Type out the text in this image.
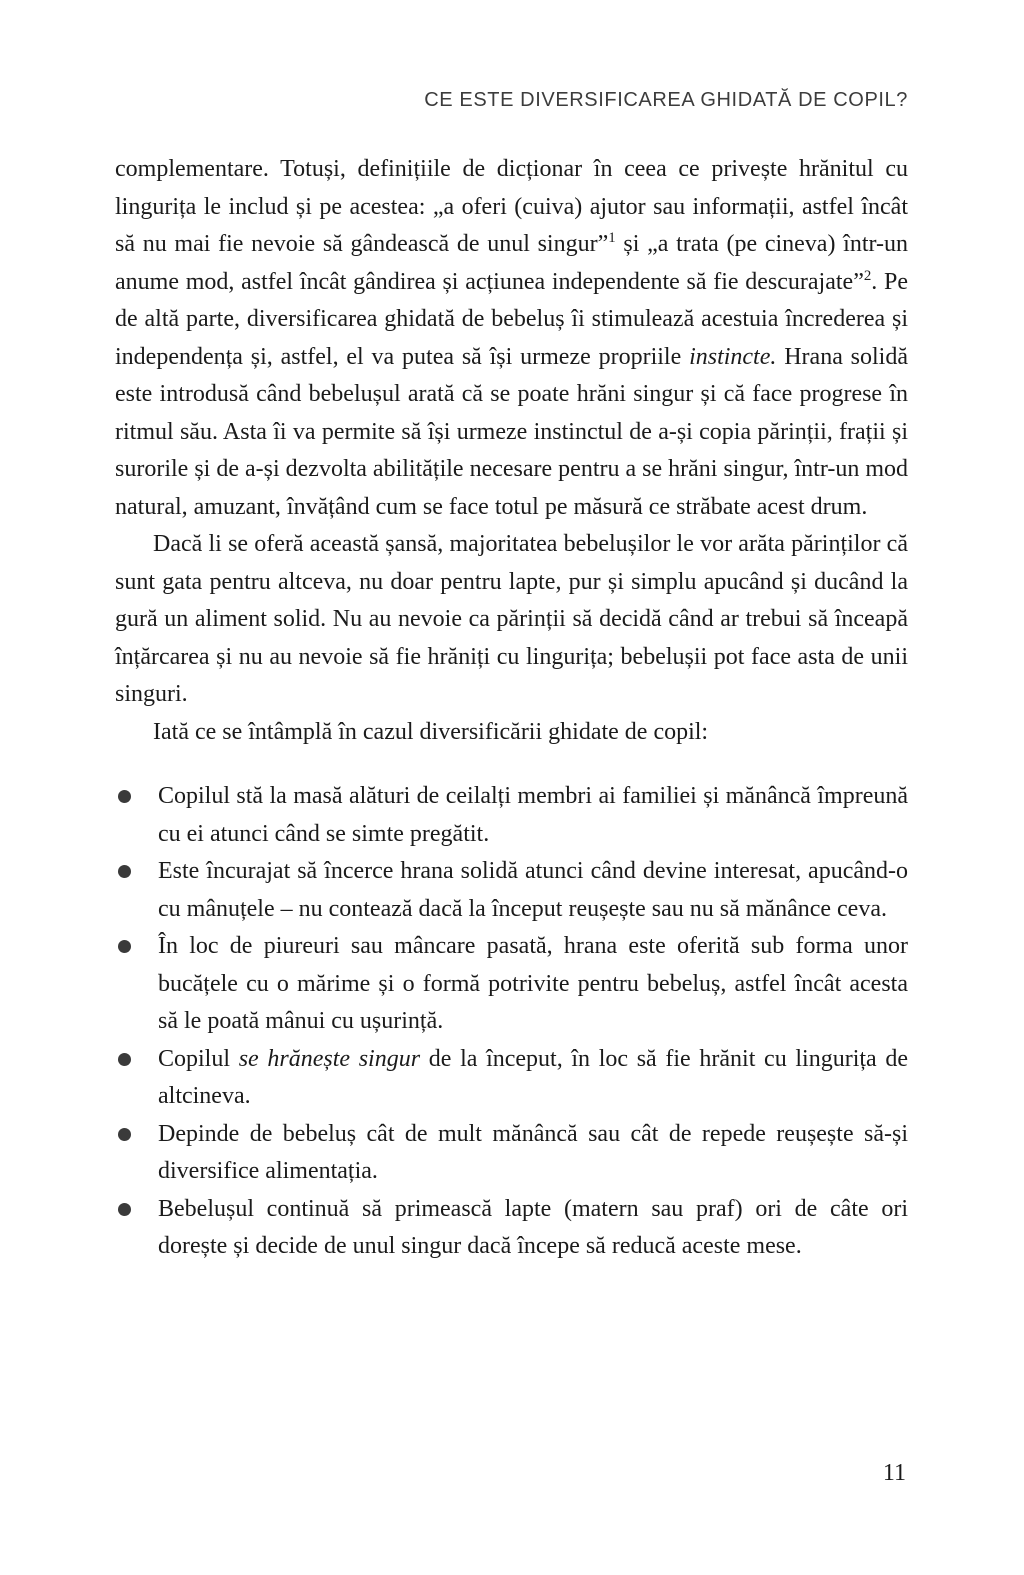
CE ESTE DIVERSIFICAREA GHIDATĂ DE COPIL?

complementare. Totuși, definițiile de dicționar în ceea ce privește hrănitul cu lingurița le includ și pe acestea: „a oferi (cuiva) ajutor sau informații, astfel încât să nu mai fie nevoie să gândească de unul singur”$^1$ și „a trata (pe cineva) într-un anume mod, astfel încât gândirea și acțiunea independente să fie descurajate”$^2$. Pe de altă parte, diversificarea ghidată de bebeluș îi stimulează acestuia încrederea și independența și, astfel, el va putea să își urmeze propriile instincte. Hrana solidă este introdusă când bebelușul arată că se poate hrăni singur și că face progrese în ritmul său. Asta îi va permite să își urmeze instinctul de a-și copia părinții, frații și surorile și de a-și dezvolta abilitățile necesare pentru a se hrăni singur, într-un mod natural, amuzant, învățând cum se face totul pe măsură ce străbate acest drum.

Dacă li se oferă această șansă, majoritatea bebelușilor le vor arăta părinților că sunt gata pentru altceva, nu doar pentru lapte, pur și simplu apucând și ducând la gură un aliment solid. Nu au nevoie ca părinții să decidă când ar trebui să înceapă înțărcarea și nu au nevoie să fie hrăniți cu lingurița; bebelușii pot face asta de unii singuri.

Iată ce se întâmplă în cazul diversificării ghidate de copil:

Copilul stă la masă alături de ceilalți membri ai familiei și mănâncă împreună cu ei atunci când se simte pregătit.
Este încurajat să încerce hrana solidă atunci când devine interesat, apucând-o cu mânuțele – nu contează dacă la început reușește sau nu să mănânce ceva.
În loc de piureuri sau mâncare pasată, hrana este oferită sub forma unor bucățele cu o mărime și o formă potrivite pentru bebeluș, astfel încât acesta să le poată mânui cu ușurință.
Copilul se hrănește singur de la început, în loc să fie hrănit cu lingurița de altcineva.
Depinde de bebeluș cât de mult mănâncă sau cât de repede reușește să-și diversifice alimentația.
Bebelușul continuă să primească lapte (matern sau praf) ori de câte ori dorește și decide de unul singur dacă începe să reducă aceste mese.
11
